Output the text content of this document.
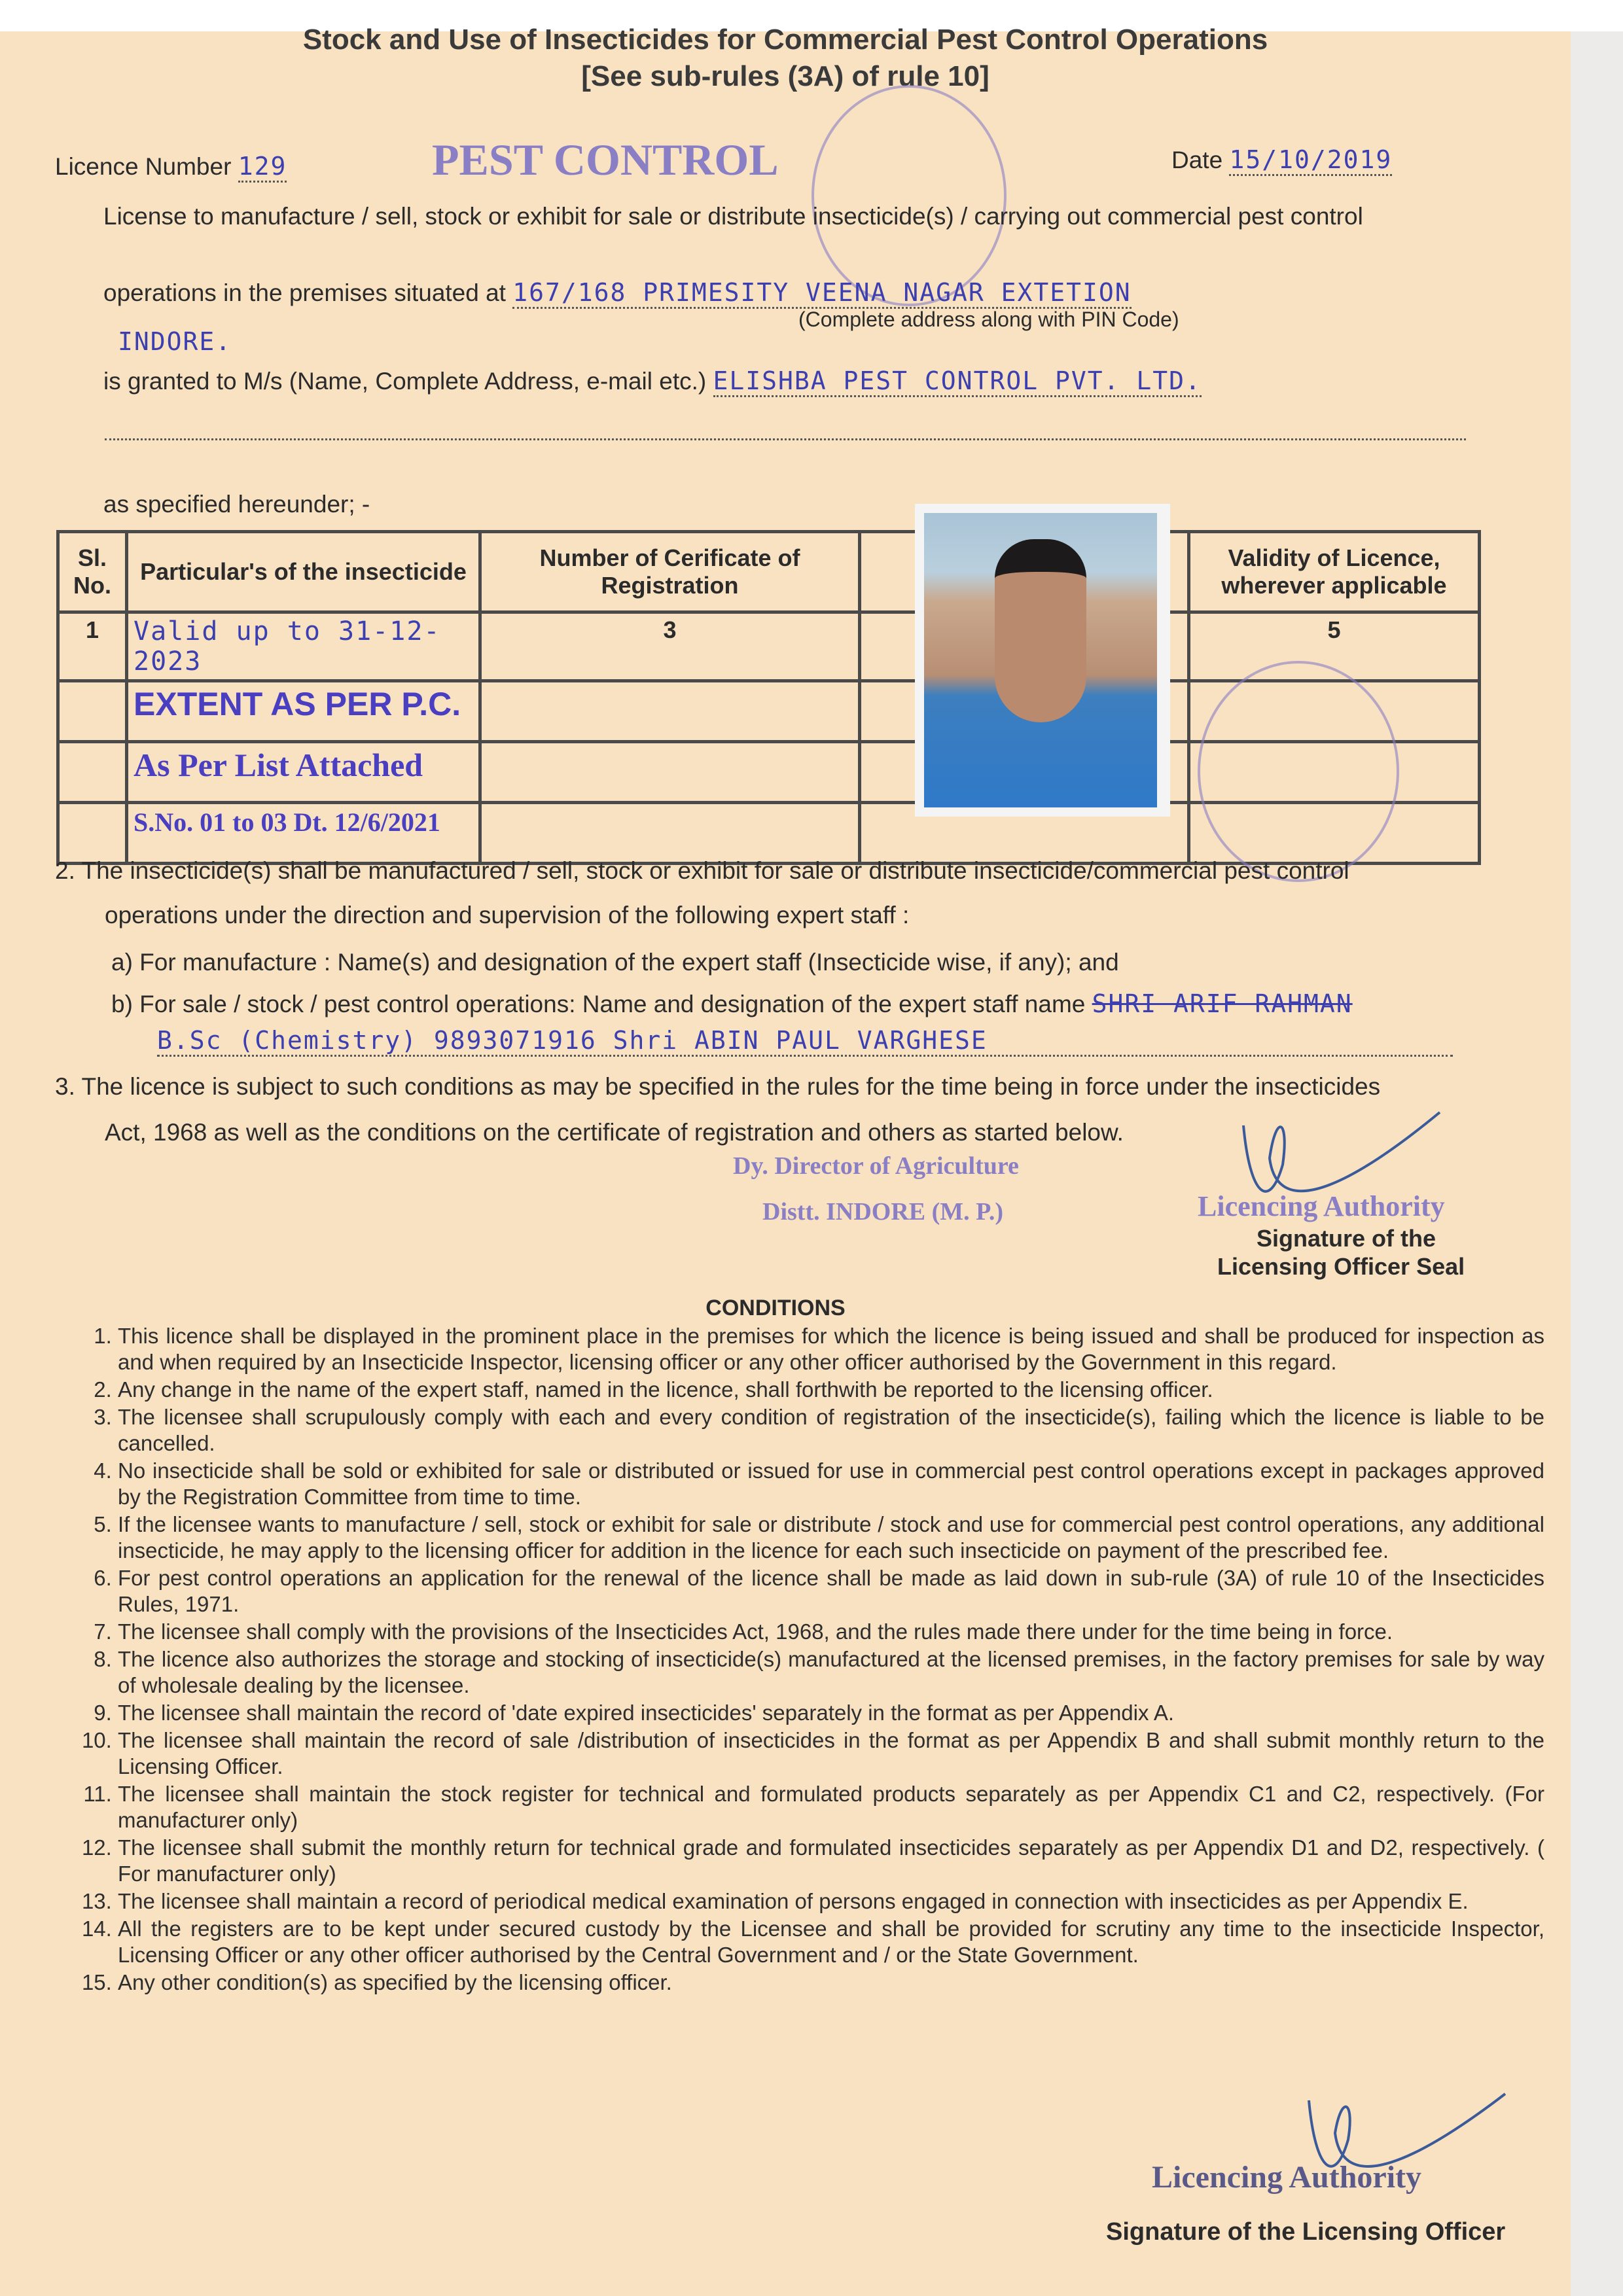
Stock and Use of Insecticides for Commercial Pest Control Operations
[See sub-rules (3A) of rule 10]
Licence Number 129	PEST CONTROL	Date 15/10/2019
License to manufacture / sell, stock or exhibit for sale or distribute insecticide(s) / carrying out commercial pest control
operations in the premises situated at 167/168 PRIMESITY VEENA NAGAR EXTETION
(Complete address along with PIN Code)
INDORE.
is granted to M/s (Name, Complete Address, e-mail etc.) ELISHBA PEST CONTROL PVT. LTD.
as specified hereunder; -
Sl. No.	Particular's of the insecticide	Number of Cerificate of Registration		Validity of Licence, wherever applicable
1	Valid up to 31-12-2023	3		5
	EXTENT AS PER P.C.			
	As Per List Attached			
	S.No. 01 to 03 Dt. 12/6/2021			
2. The insecticide(s) shall be manufactured / sell, stock or exhibit for sale or distribute insecticide/commercial pest control
operations under the direction and supervision of the following expert staff :
a) For manufacture : Name(s) and designation of the expert staff (Insecticide wise, if any); and
b) For sale / stock / pest control operations: Name and designation of the expert staff name SHRI ARIF RAHMAN
B.Sc (Chemistry) 9893071916 Shri ABIN PAUL VARGHESE
3. The licence is subject to such conditions as may be specified in the rules for the time being in force under the insecticides
Act, 1968 as well as the conditions on the certificate of registration and others as started below.
Dy. Director of Agriculture
Distt. INDORE (M. P.)	Licencing Authority
Signature of the
Licensing Officer Seal
CONDITIONS
1. This licence shall be displayed in the prominent place in the premises for which the licence is being issued and shall be produced for inspection as and when required by an Insecticide Inspector, licensing officer or any other officer authorised by the Government in this regard.
2. Any change in the name of the expert staff, named in the licence, shall forthwith be reported to the licensing officer.
3. The licensee shall scrupulously comply with each and every condition of registration of the insecticide(s), failing which the licence is liable to be cancelled.
4. No insecticide shall be sold or exhibited for sale or distributed or issued for use in commercial pest control operations except in packages approved by the Registration Committee from time to time.
5. If the licensee wants to manufacture / sell, stock or exhibit for sale or distribute / stock and use for commercial pest control operations, any additional insecticide, he may apply to the licensing officer for addition in the licence for each such insecticide on payment of the prescribed fee.
6. For pest control operations an application for the renewal of the licence shall be made as laid down in sub-rule (3A) of rule 10 of the Insecticides Rules, 1971.
7. The licensee shall comply with the provisions of the Insecticides Act, 1968, and the rules made there under for the time being in force.
8. The licence also authorizes the storage and stocking of insecticide(s) manufactured at the licensed premises, in the factory premises for sale by way of wholesale dealing by the licensee.
9. The licensee shall maintain the record of 'date expired insecticides' separately in the format as per Appendix A.
10. The licensee shall maintain the record of sale /distribution of insecticides in the format as per Appendix B and shall submit monthly return to the Licensing Officer.
11. The licensee shall maintain the stock register for technical and formulated products separately as per Appendix C1 and C2, respectively. (For manufacturer only)
12. The licensee shall submit the monthly return for technical grade and formulated insecticides separately as per Appendix D1 and D2, respectively. ( For manufacturer only)
13. The licensee shall maintain a record of periodical medical examination of persons engaged in connection with insecticides as per Appendix E.
14. All the registers are to be kept under secured custody by the Licensee and shall be provided for scrutiny any time to the insecticide Inspector, Licensing Officer or any other officer authorised by the Central Government and / or the State Government.
15. Any other condition(s) as specified by the licensing officer.
Licencing Authority
Signature of the Licensing Officer
